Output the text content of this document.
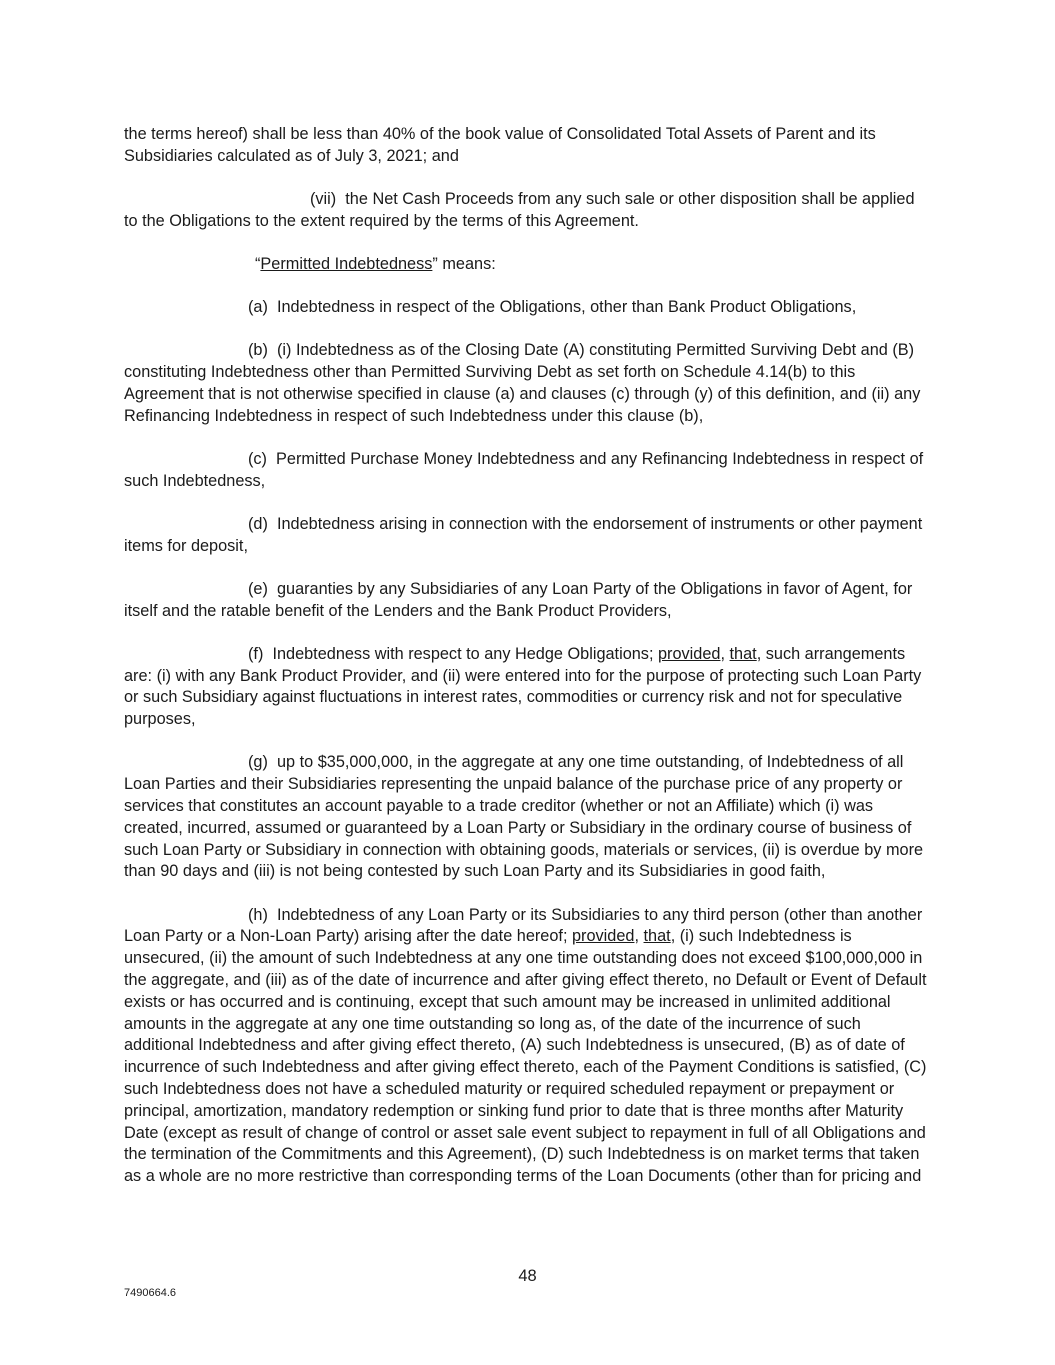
the terms hereof) shall be less than 40% of the book value of Consolidated Total Assets of Parent and its Subsidiaries calculated as of July 3, 2021; and

(vii) the Net Cash Proceeds from any such sale or other disposition shall be applied to the Obligations to the extent required by the terms of this Agreement.

“Permitted Indebtedness” means:

(a) Indebtedness in respect of the Obligations, other than Bank Product Obligations,

(b) (i) Indebtedness as of the Closing Date (A) constituting Permitted Surviving Debt and (B) constituting Indebtedness other than Permitted Surviving Debt as set forth on Schedule 4.14(b) to this Agreement that is not otherwise specified in clause (a) and clauses (c) through (y) of this definition, and (ii) any Refinancing Indebtedness in respect of such Indebtedness under this clause (b),

(c) Permitted Purchase Money Indebtedness and any Refinancing Indebtedness in respect of such Indebtedness,

(d) Indebtedness arising in connection with the endorsement of instruments or other payment items for deposit,

(e) guaranties by any Subsidiaries of any Loan Party of the Obligations in favor of Agent, for itself and the ratable benefit of the Lenders and the Bank Product Providers,

(f) Indebtedness with respect to any Hedge Obligations; provided, that, such arrangements are: (i) with any Bank Product Provider, and (ii) were entered into for the purpose of protecting such Loan Party or such Subsidiary against fluctuations in interest rates, commodities or currency risk and not for speculative purposes,

(g) up to $35,000,000, in the aggregate at any one time outstanding, of Indebtedness of all Loan Parties and their Subsidiaries representing the unpaid balance of the purchase price of any property or services that constitutes an account payable to a trade creditor (whether or not an Affiliate) which (i) was created, incurred, assumed or guaranteed by a Loan Party or Subsidiary in the ordinary course of business of such Loan Party or Subsidiary in connection with obtaining goods, materials or services, (ii) is overdue by more than 90 days and (iii) is not being contested by such Loan Party and its Subsidiaries in good faith,

(h) Indebtedness of any Loan Party or its Subsidiaries to any third person (other than another Loan Party or a Non-Loan Party) arising after the date hereof; provided, that, (i) such Indebtedness is unsecured, (ii) the amount of such Indebtedness at any one time outstanding does not exceed $100,000,000 in the aggregate, and (iii) as of the date of incurrence and after giving effect thereto, no Default or Event of Default exists or has occurred and is continuing, except that such amount may be increased in unlimited additional amounts in the aggregate at any one time outstanding so long as, of the date of the incurrence of such additional Indebtedness and after giving effect thereto, (A) such Indebtedness is unsecured, (B) as of date of incurrence of such Indebtedness and after giving effect thereto, each of the Payment Conditions is satisfied, (C) such Indebtedness does not have a scheduled maturity or required scheduled repayment or prepayment or principal, amortization, mandatory redemption or sinking fund prior to date that is three months after Maturity Date (except as result of change of control or asset sale event subject to repayment in full of all Obligations and the termination of the Commitments and this Agreement), (D) such Indebtedness is on market terms that taken as a whole are no more restrictive than corresponding terms of the Loan Documents (other than for pricing and

48
7490664.6
